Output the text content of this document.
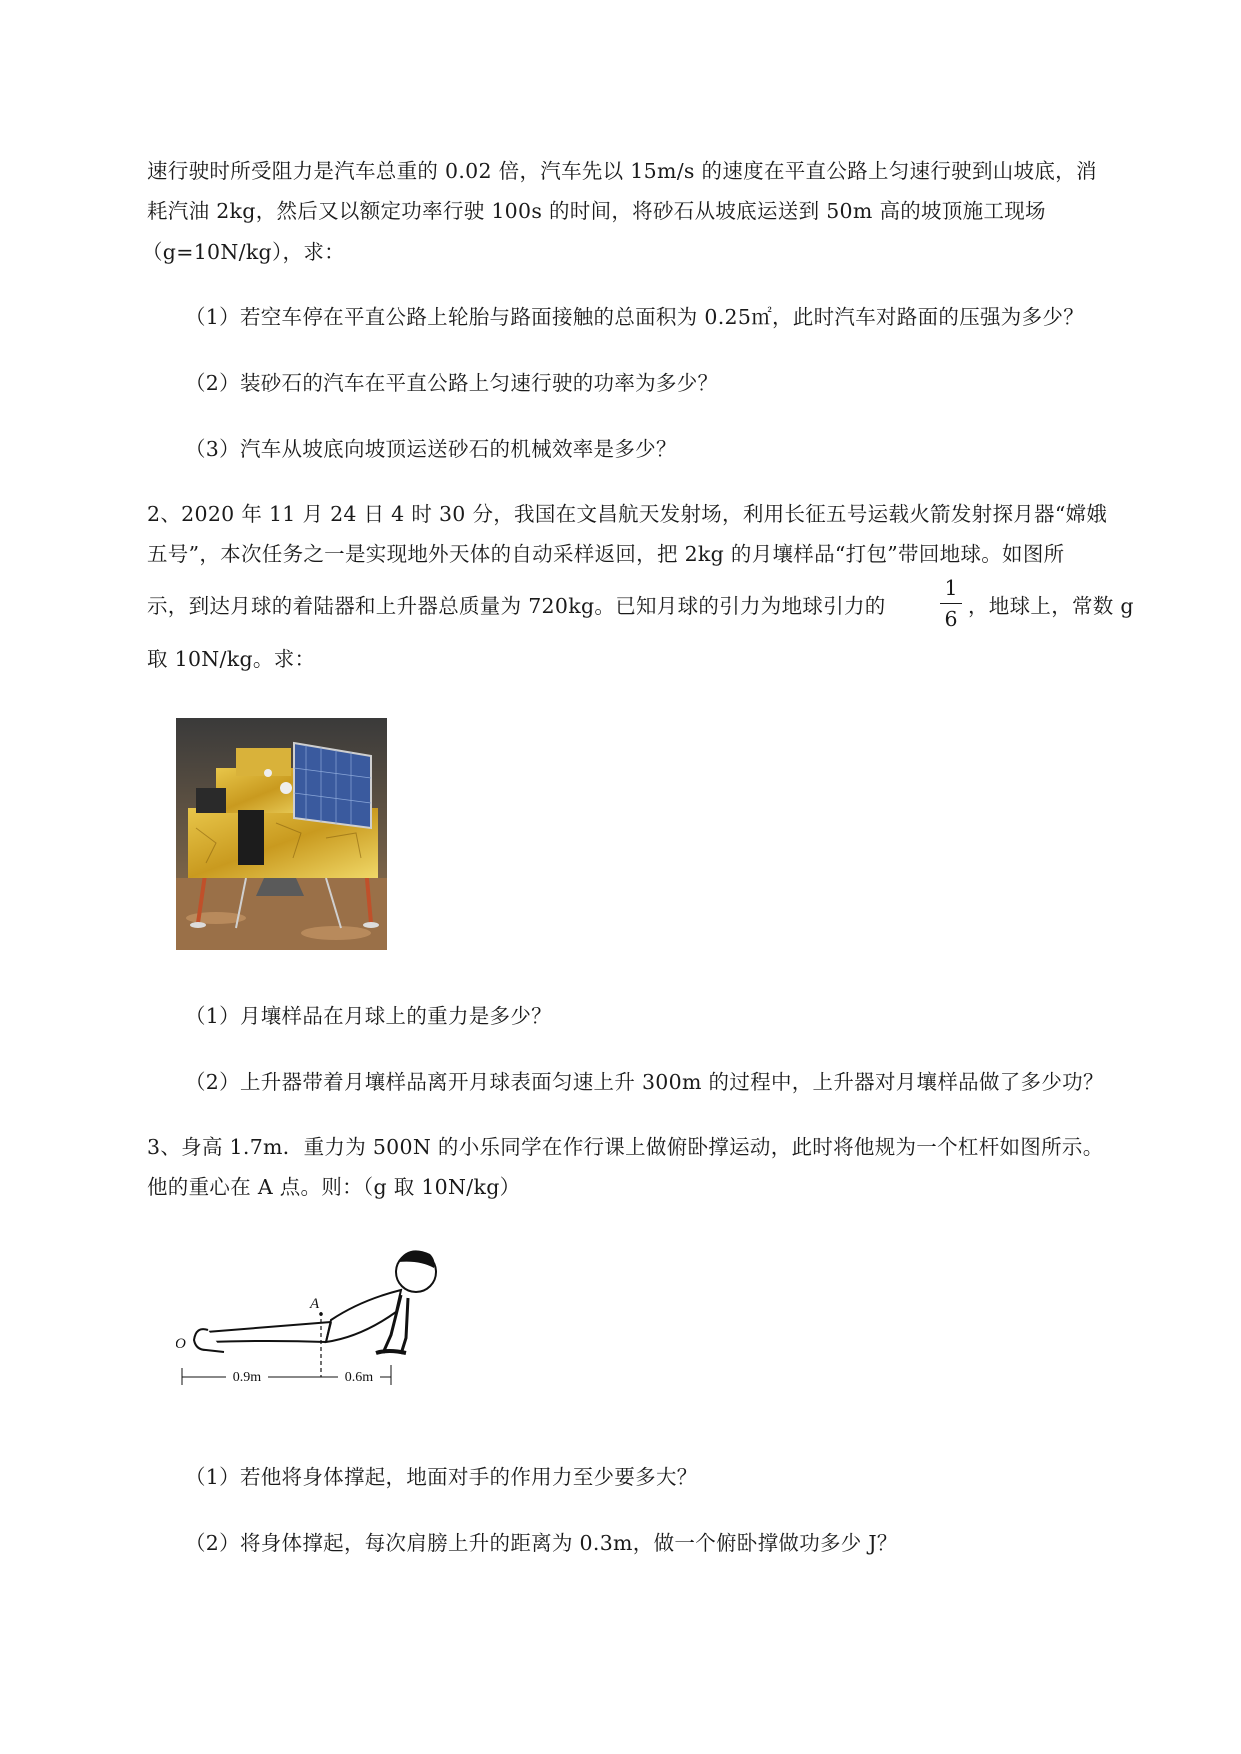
速行驶时所受阻力是汽车总重的 0.02 倍，汽车先以 15m/s 的速度在平直公路上匀速行驶到山坡底，消
耗汽油 2kg，然后又以额定功率行驶 100s 的时间，将砂石从坡底运送到 50m 高的坡顶施工现场
（g=10N/kg），求：
（1）若空车停在平直公路上轮胎与路面接触的总面积为 0.25㎡，此时汽车对路面的压强为多少？
（2）装砂石的汽车在平直公路上匀速行驶的功率为多少？
（3）汽车从坡底向坡顶运送砂石的机械效率是多少？
2、2020 年 11 月 24 日 4 时 30 分，我国在文昌航天发射场，利用长征五号运载火箭发射探月器“嫦娥
五号”，本次任务之一是实现地外天体的自动采样返回，把 2kg 的月壤样品“打包”带回地球。如图所
示，到达月球的着陆器和上升器总质量为 720kg。已知月球的引力为地球引力的
1
6
，地球上，常数 g
取 10N/kg。求：
（1）月壤样品在月球上的重力是多少？
（2）上升器带着月壤样品离开月球表面匀速上升 300m 的过程中，上升器对月壤样品做了多少功？
3、身高 1.7m．重力为 500N 的小乐同学在作行课上做俯卧撑运动，此时将他规为一个杠杆如图所示。
他的重心在 A 点。则：（g 取 10N/kg）
0.9m	0.6m
A
O
（1）若他将身体撑起，地面对手的作用力至少要多大？
（2）将身体撑起，每次肩膀上升的距离为 0.3m，做一个俯卧撑做功多少 J？
